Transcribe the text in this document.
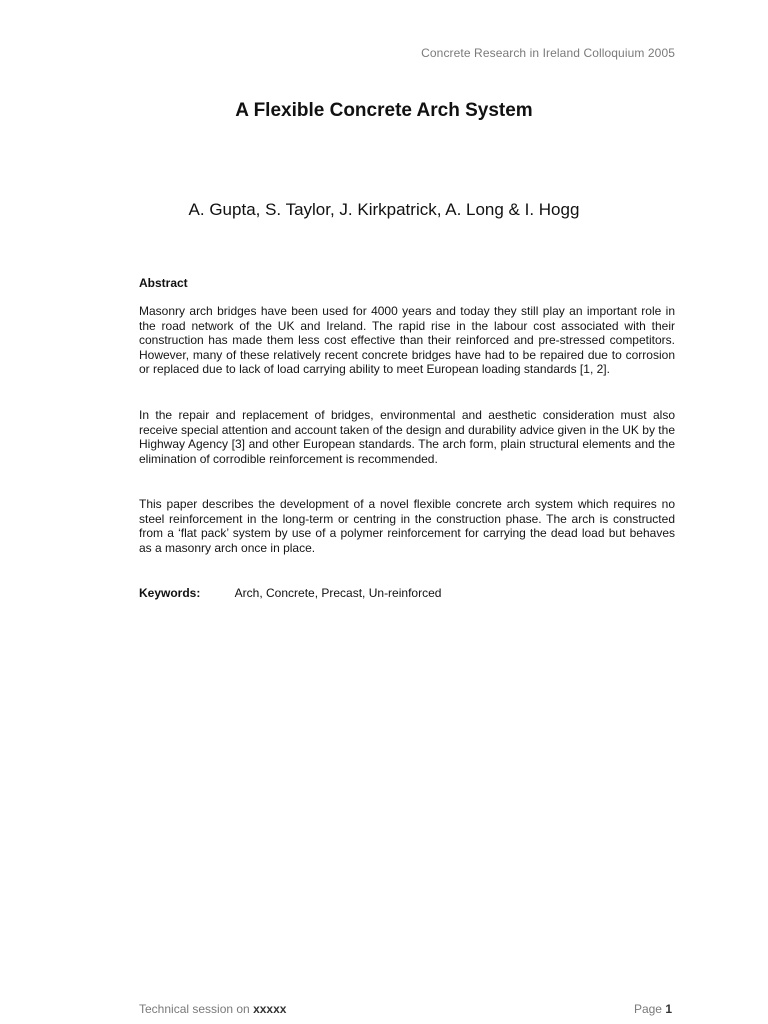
Concrete Research in Ireland Colloquium 2005
A Flexible Concrete Arch System
A. Gupta, S. Taylor, J. Kirkpatrick, A. Long & I. Hogg
Abstract
Masonry arch bridges have been used for 4000 years and today they still play an important role in the road network of the UK and Ireland. The rapid rise in the labour cost associated with their construction has made them less cost effective than their reinforced and pre-stressed competitors. However, many of these relatively recent concrete bridges have had to be repaired due to corrosion or replaced due to lack of load carrying ability to meet European loading standards [1, 2].
In the repair and replacement of bridges, environmental and aesthetic consideration must also receive special attention and account taken of the design and durability advice given in the UK by the Highway Agency [3] and other European standards. The arch form, plain structural elements and the elimination of corrodible reinforcement is recommended.
This paper describes the development of a novel flexible concrete arch system which requires no steel reinforcement in the long-term or centring in the construction phase. The arch is constructed from a ‘flat pack’ system by use of a polymer reinforcement for carrying the dead load but behaves as a masonry arch once in place.
Keywords:	Arch, Concrete, Precast, Un-reinforced
Technical session on xxxxx	Page 1
